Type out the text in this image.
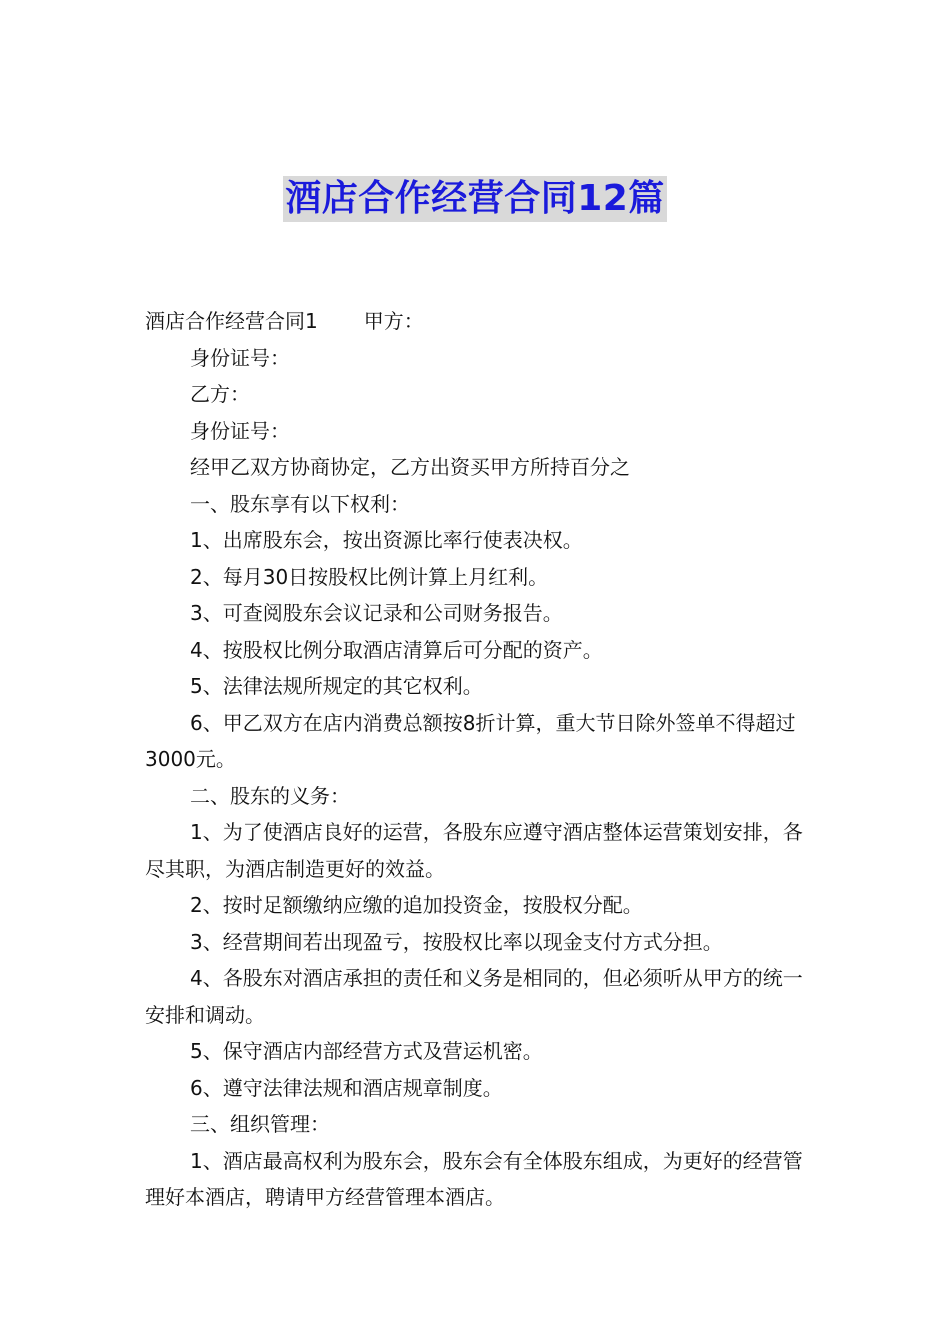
酒店合作经营合同12篇

酒店合作经营合同1 甲方：

身份证号：

乙方：

身份证号：

经甲乙双方协商协定，乙方出资买甲方所持百分之

一、股东享有以下权利：

1、出席股东会，按出资源比率行使表决权。

2、每月30日按股权比例计算上月红利。

3、可查阅股东会议记录和公司财务报告。

4、按股权比例分取酒店清算后可分配的资产。

5、法律法规所规定的其它权利。

6、甲乙双方在店内消费总额按8折计算，重大节日除外签单不得超过3000元。

二、股东的义务：

1、为了使酒店良好的运营，各股东应遵守酒店整体运营策划安排，各尽其职，为酒店制造更好的效益。

2、按时足额缴纳应缴的追加投资金，按股权分配。

3、经营期间若出现盈亏，按股权比率以现金支付方式分担。

4、各股东对酒店承担的责任和义务是相同的，但必须听从甲方的统一安排和调动。

5、保守酒店内部经营方式及营运机密。

6、遵守法律法规和酒店规章制度。

三、组织管理：

1、酒店最高权利为股东会，股东会有全体股东组成，为更好的经营管理好本酒店，聘请甲方经营管理本酒店。
